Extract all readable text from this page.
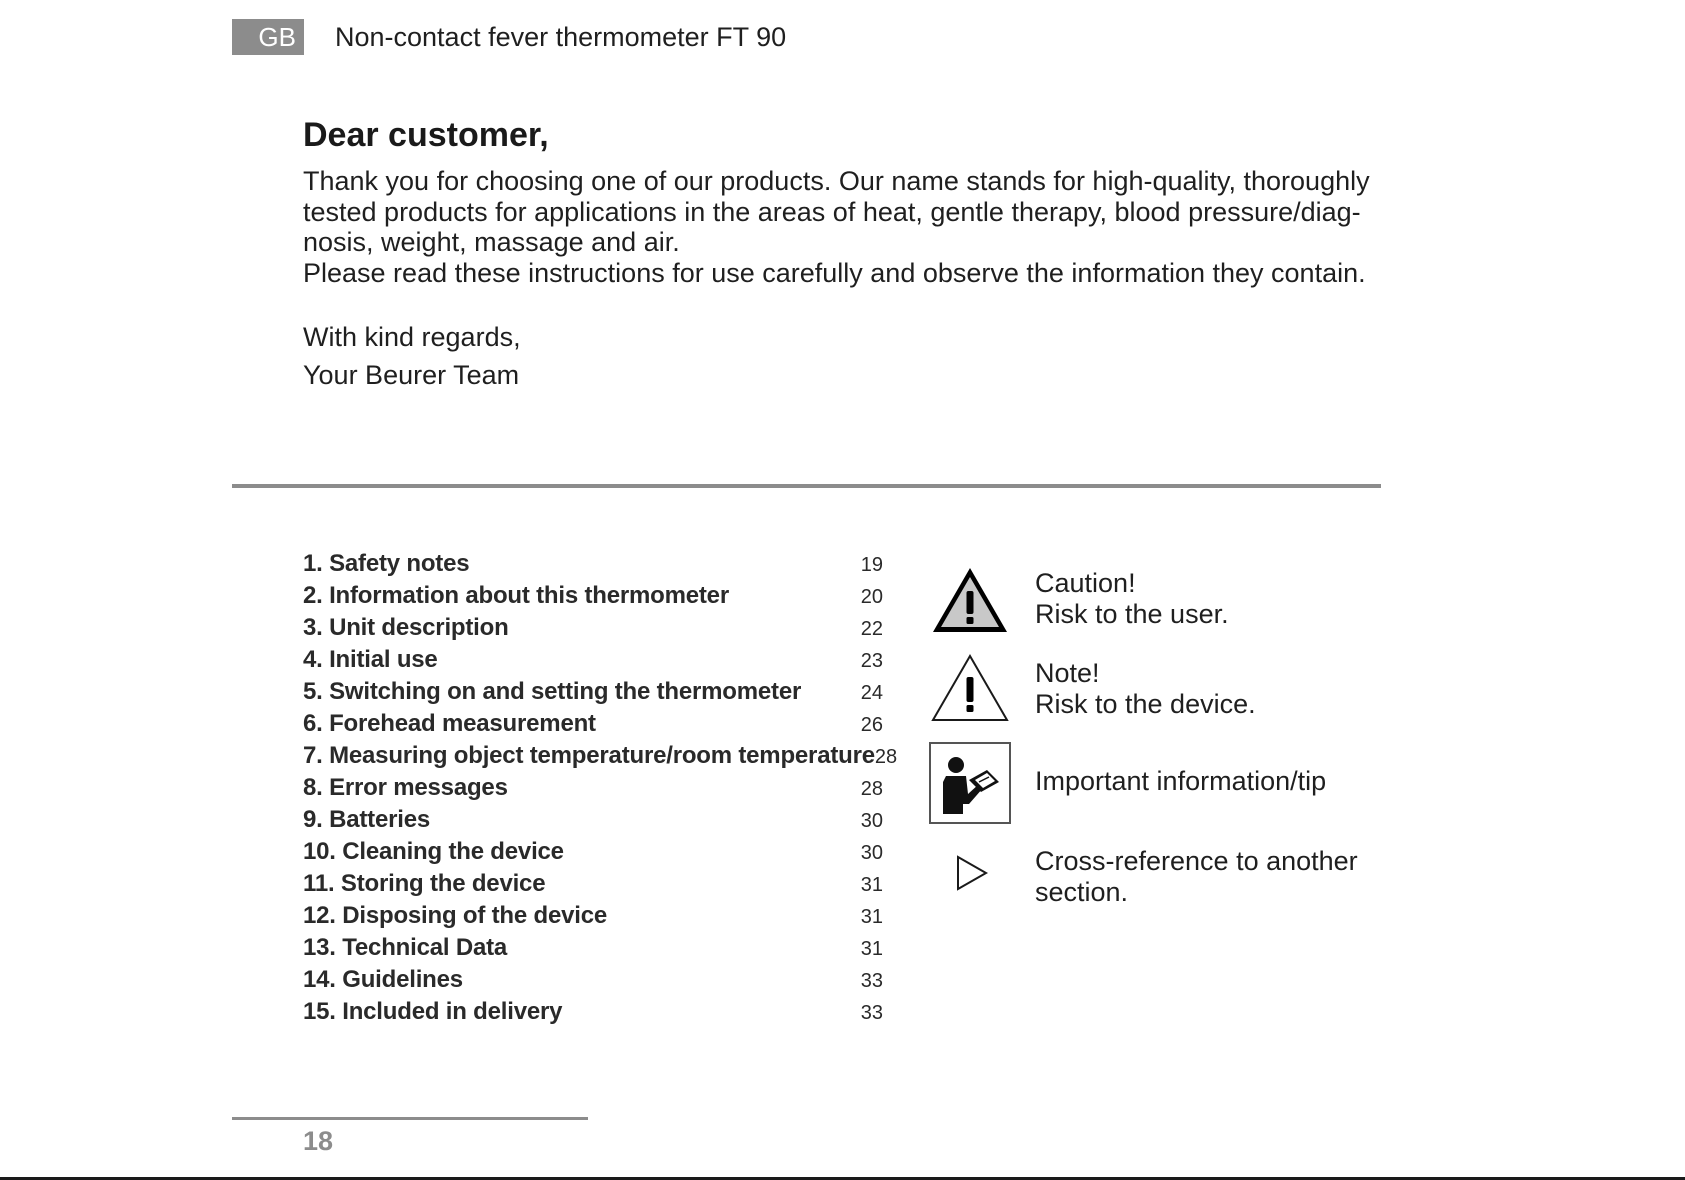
GB Non-contact fever thermometer FT 90
Dear customer,

Thank you for choosing one of our products. Our name stands for high-quality, thoroughly
tested products for applications in the areas of heat, gentle therapy, blood pressure/diag-
nosis, weight, massage and air.
Please read these instructions for use carefully and observe the information they contain.

With kind regards,
Your Beurer Team

1. Safety notes	19
2. Information about this thermometer	20
3. Unit description	22
4. Initial use	23
5. Switching on and setting the thermometer	24
6. Forehead measurement	26
7. Measuring object temperature/room temperature 28
8. Error messages	28
9. Batteries	30
10. Cleaning the device	30
11. Storing the device	31
12. Disposing of the device	31
13. Technical Data	31
14. Guidelines	33
15. Included in delivery	33
Caution!
Risk to the user.
Note!
Risk to the device.
Important information/tip
Cross-reference to another
section.
18
